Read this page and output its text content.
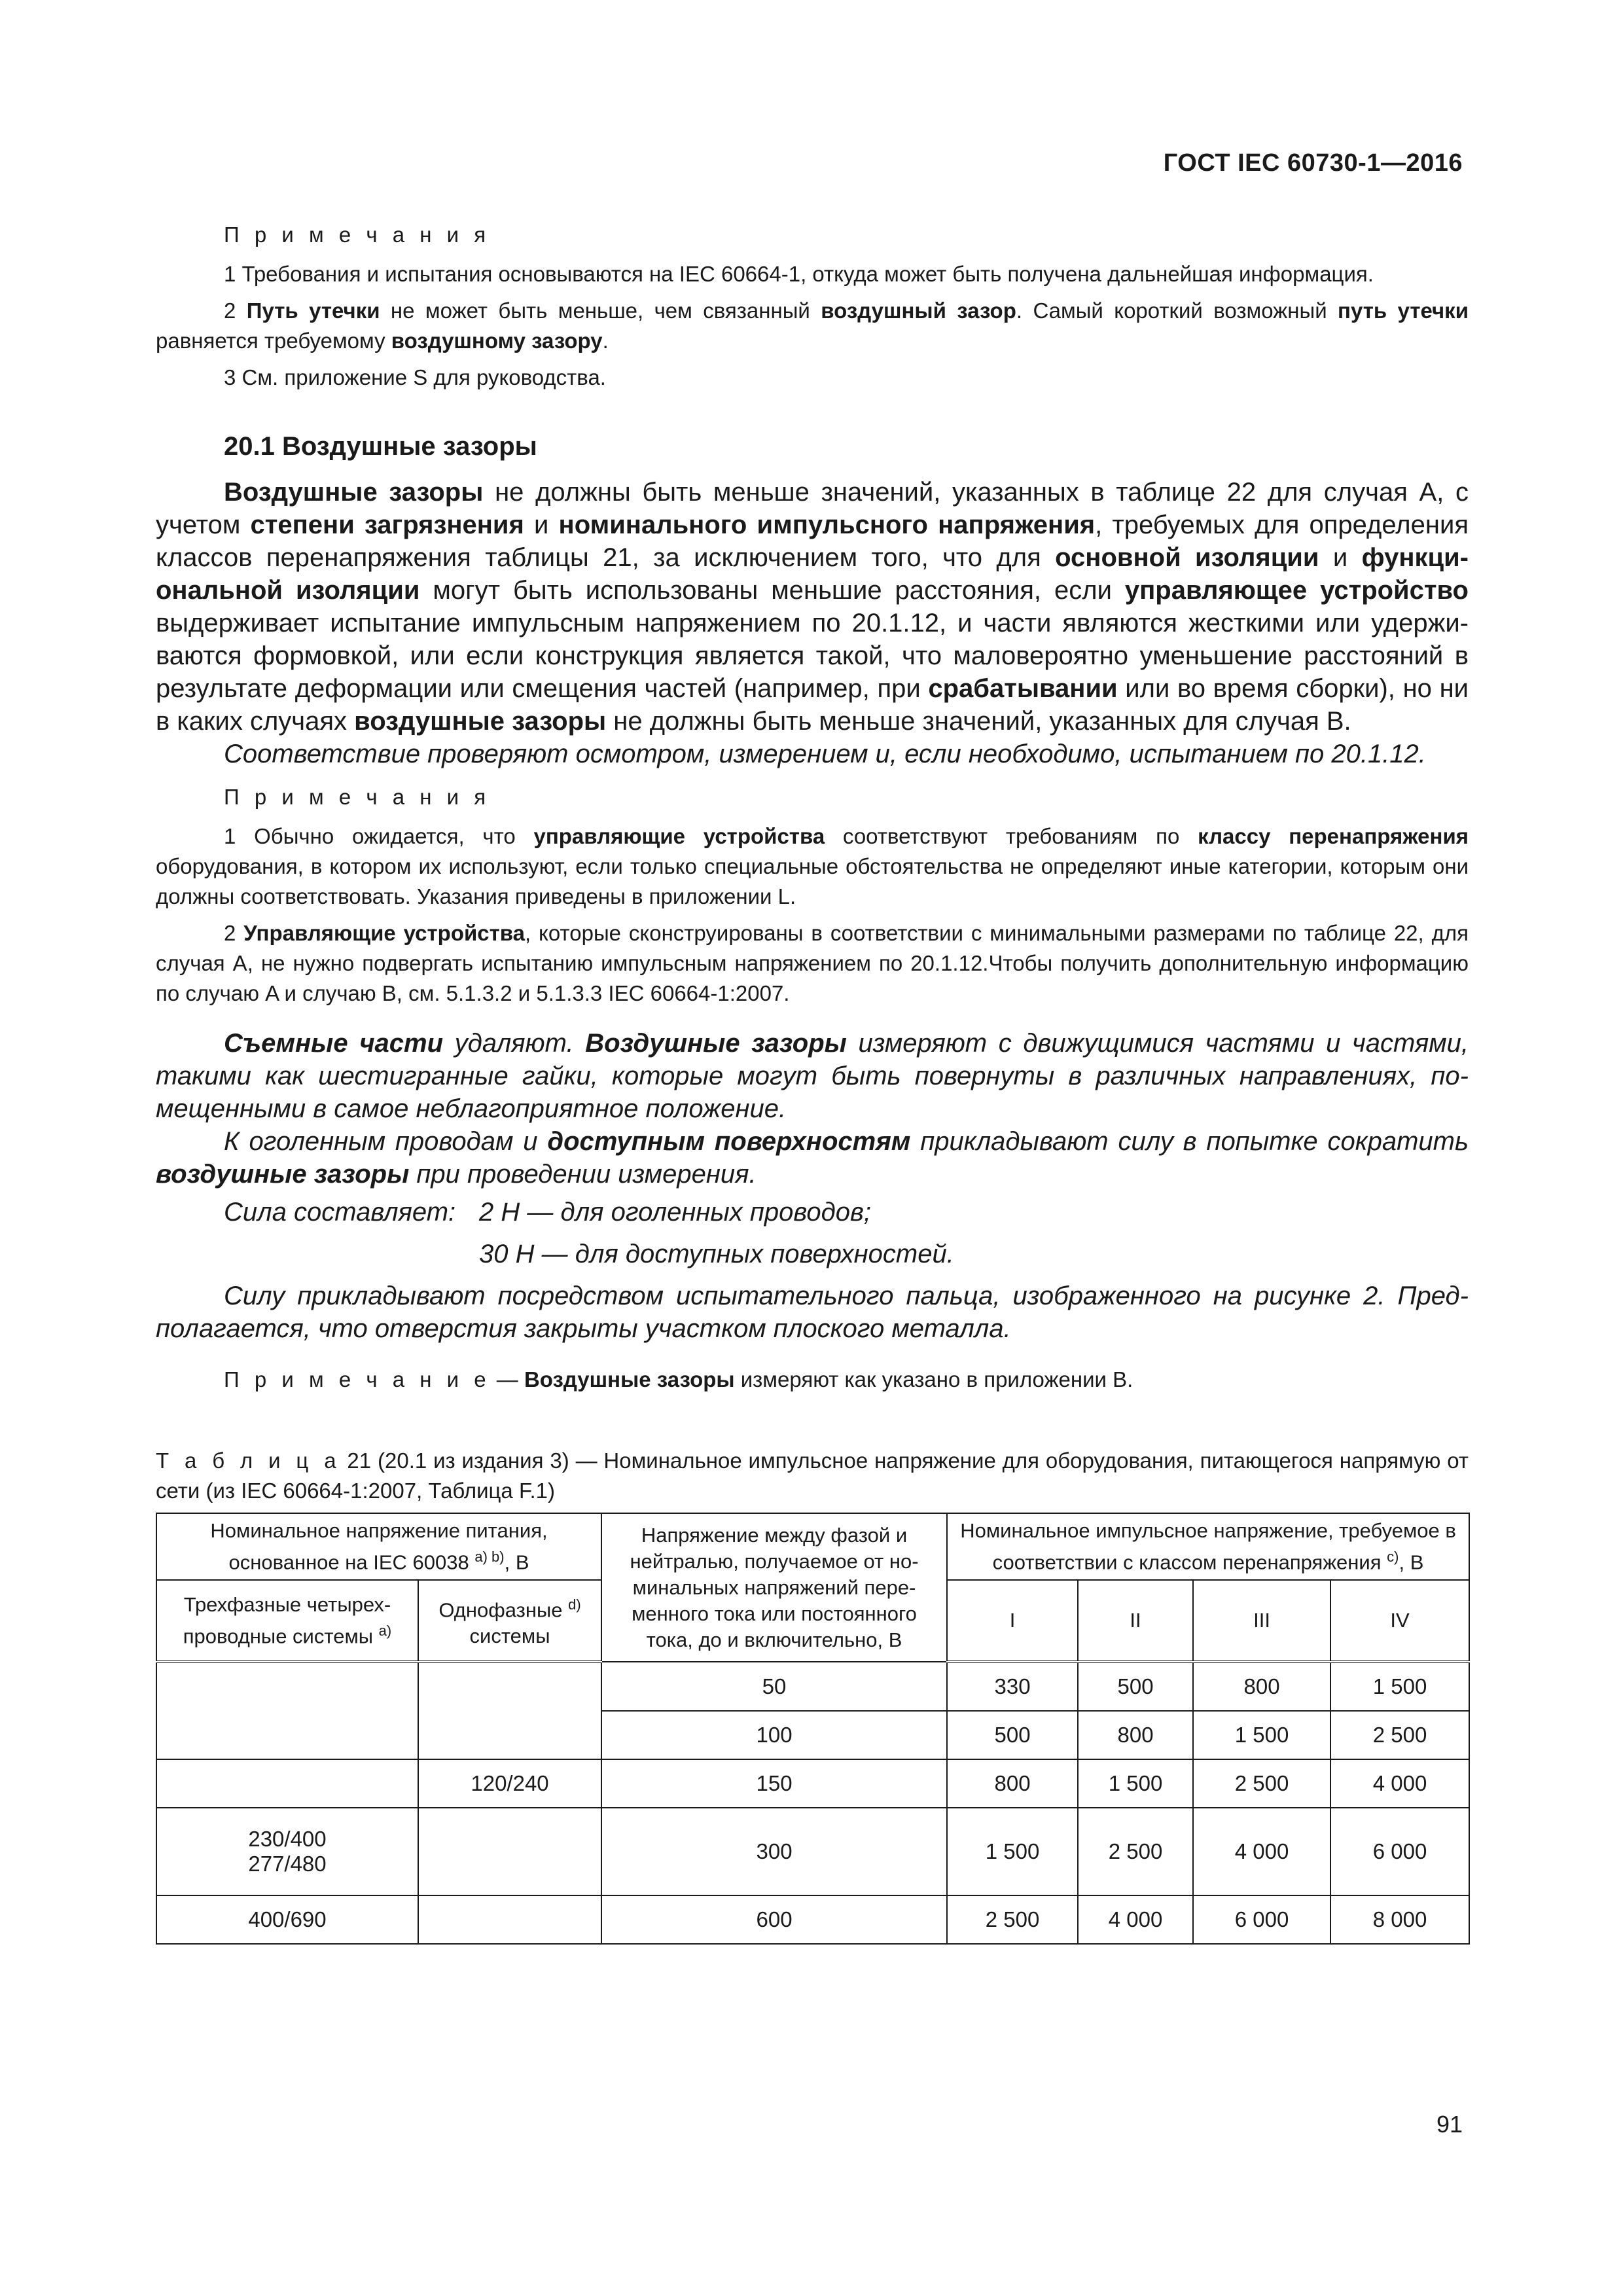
ГОСТ IEC 60730-1—2016
П р и м е ч а н и я
1 Требования и испытания основываются на IEC 60664-1, откуда может быть получена дальнейшая информация.
2 Путь утечки не может быть меньше, чем связанный воздушный зазор. Самый короткий возможный путь утечки равняется требуемому воздушному зазору.
3 См. приложение S для руководства.
20.1 Воздушные зазоры
Воздушные зазоры не должны быть меньше значений, указанных в таблице 22 для случая A, с учетом степени загрязнения и номинального импульсного напряжения, требуемых для определения классов перенапряжения таблицы 21, за исключением того, что для основной изоляции и функциональной изоляции могут быть использованы меньшие расстояния, если управляющее устройство выдерживает испытание импульсным напряжением по 20.1.12, и части являются жесткими или удерживаются формовкой, или если конструкция является такой, что маловероятно уменьшение расстояний в результате деформации или смещения частей (например, при срабатывании или во время сборки), но ни в каких случаях воздушные зазоры не должны быть меньше значений, указанных для случая B.
Соответствие проверяют осмотром, измерением и, если необходимо, испытанием по 20.1.12.
П р и м е ч а н и я
1 Обычно ожидается, что управляющие устройства соответствуют требованиям по классу перенапряжения оборудования, в котором их используют, если только специальные обстоятельства не определяют иные категории, которым они должны соответствовать. Указания приведены в приложении L.
2 Управляющие устройства, которые сконструированы в соответствии с минимальными размерами по таблице 22, для случая A, не нужно подвергать испытанию импульсным напряжением по 20.1.12.Чтобы получить дополнительную информацию по случаю A и случаю B, см. 5.1.3.2 и 5.1.3.3 IEC 60664-1:2007.
Съемные части удаляют. Воздушные зазоры измеряют с движущимися частями и частями, такими как шестигранные гайки, которые могут быть повернуты в различных направлениях, помещенными в самое неблагоприятное положение.
К оголенным проводам и доступным поверхностям прикладывают силу в попытке сократить воздушные зазоры при проведении измерения.
Сила составляет: 2 Н — для оголенных проводов;
30 Н — для доступных поверхностей.
Силу прикладывают посредством испытательного пальца, изображенного на рисунке 2. Предполагается, что отверстия закрыты участком плоского металла.
П р и м е ч а н и е — Воздушные зазоры измеряют как указано в приложении B.
Т а б л и ц а 21 (20.1 из издания 3) — Номинальное импульсное напряжение для оборудования, питающегося напрямую от сети (из IEC 60664-1:2007, Таблица F.1)
Номинальное напряжение питания, основанное на IEC 60038 $^{а) b)}$, В		Напряжение между фазой и нейтралью, получаемое от номинальных напряжений переменного тока или постоянного тока, до и включительно, В	Номинальное импульсное напряжение, требуемое в соответствии с классом перенапряжения $^{с)}$, В			
Трехфазные четырехпроводные системы $^{а)}$	Однофазные $^{d)}$
системы		I	II	III	IV
		50	330	500	800	1 500
		100	500	800	1 500	2 500
	120/240	150	800	1 500	2 500	4 000
230/400
277/480		300	1 500	2 500	4 000	6 000
400/690		600	2 500	4 000	6 000	8 000
91
